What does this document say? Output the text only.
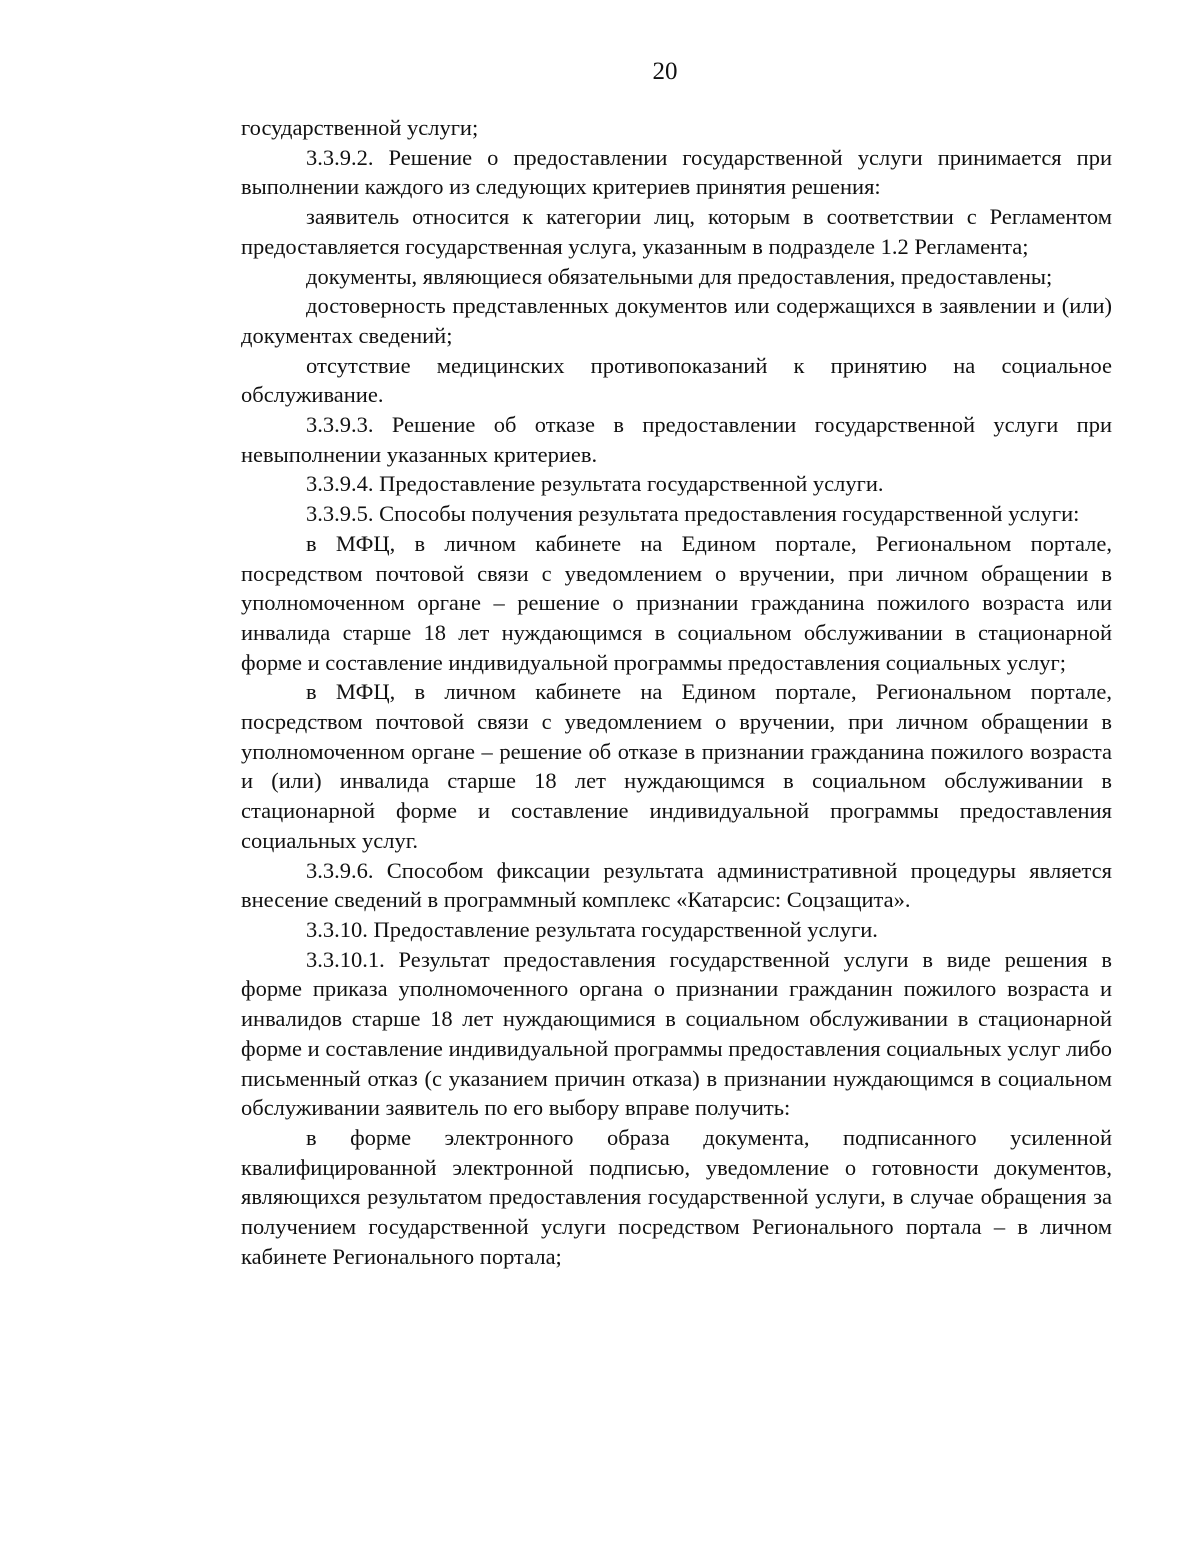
20

государственной услуги;

3.3.9.2. Решение о предоставлении государственной услуги принимается при выполнении каждого из следующих критериев принятия решения:

заявитель относится к категории лиц, которым в соответствии с Регламентом предоставляется государственная услуга, указанным в подразделе 1.2 Регламента;

документы, являющиеся обязательными для предоставления, предоставлены;

достоверность представленных документов или содержащихся в заявлении и (или) документах сведений;

отсутствие медицинских противопоказаний к принятию на социальное обслуживание.

3.3.9.3. Решение об отказе в предоставлении государственной услуги при невыполнении указанных критериев.

3.3.9.4. Предоставление результата государственной услуги.

3.3.9.5. Способы получения результата предоставления государственной услуги:

в МФЦ, в личном кабинете на Едином портале, Региональном портале, посредством почтовой связи с уведомлением о вручении, при личном обращении в уполномоченном органе – решение о признании гражданина пожилого возраста или инвалида старше 18 лет нуждающимся в социальном обслуживании в стационарной форме и составление индивидуальной программы предоставления социальных услуг;

в МФЦ, в личном кабинете на Едином портале, Региональном портале, посредством почтовой связи с уведомлением о вручении, при личном обращении в уполномоченном органе – решение об отказе в признании гражданина пожилого возраста и (или) инвалида старше 18 лет нуждающимся в социальном обслуживании в стационарной форме и составление индивидуальной программы предоставления социальных услуг.

3.3.9.6. Способом фиксации результата административной процедуры является внесение сведений в программный комплекс «Катарсис: Соцзащита».

3.3.10. Предоставление результата государственной услуги.

3.3.10.1. Результат предоставления государственной услуги в виде решения в форме приказа уполномоченного органа о признании гражданин пожилого возраста и инвалидов старше 18 лет нуждающимися в социальном обслуживании в стационарной форме и составление индивидуальной программы предоставления социальных услуг либо письменный отказ (с указанием причин отказа) в признании нуждающимся в социальном обслуживании заявитель по его выбору вправе получить:

в форме электронного образа документа, подписанного усиленной квалифицированной электронной подписью, уведомление о готовности документов, являющихся результатом предоставления государственной услуги, в случае обращения за получением государственной услуги посредством Регионального портала – в личном кабинете Регионального портала;
